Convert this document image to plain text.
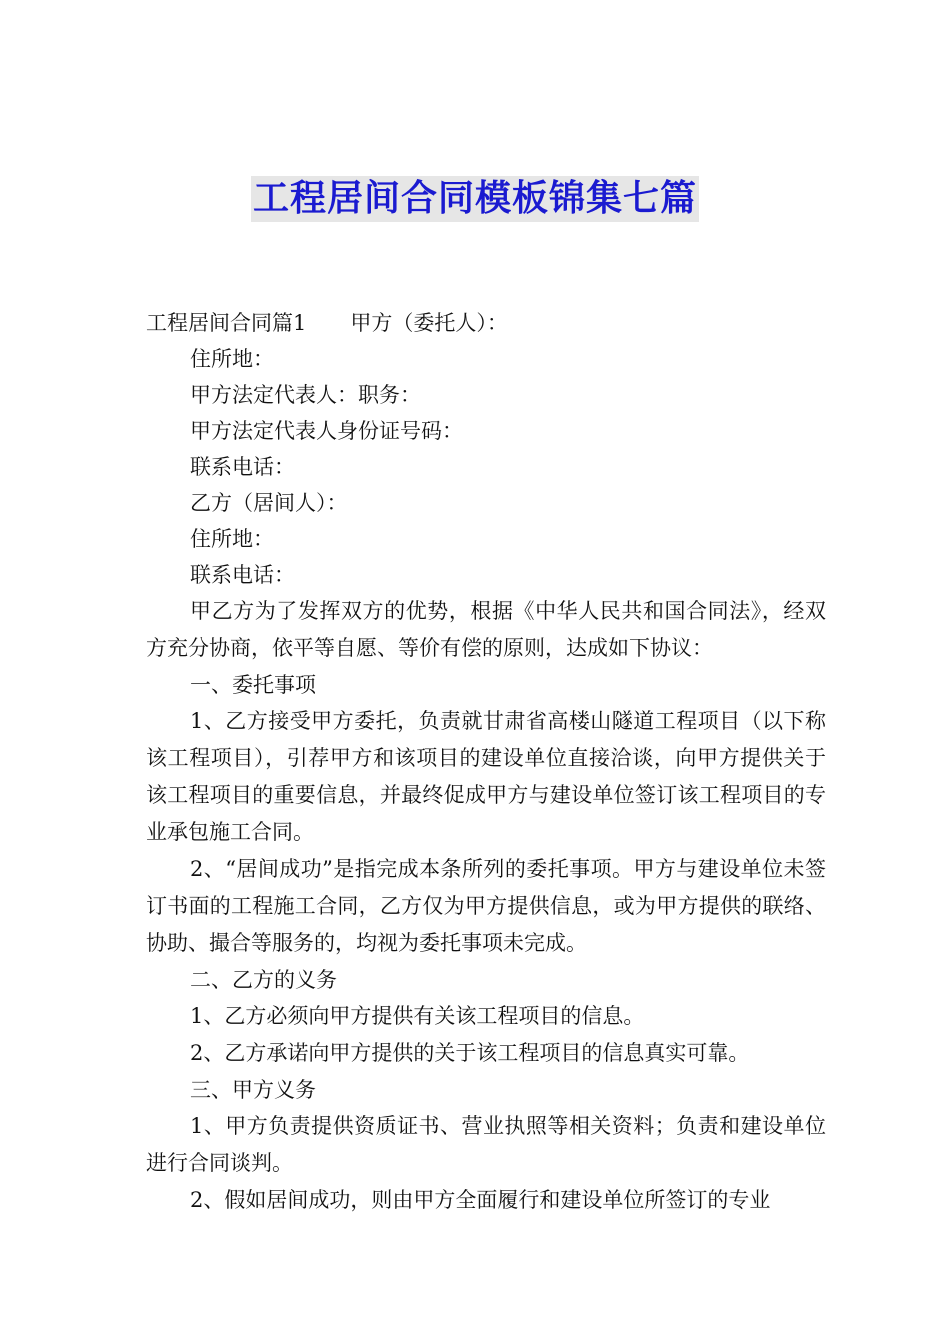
工程居间合同模板锦集七篇

工程居间合同篇1 甲方（委托人）：

住所地：

甲方法定代表人：职务：

甲方法定代表人身份证号码：

联系电话：

乙方（居间人）：

住所地：

联系电话：

甲乙方为了发挥双方的优势，根据《中华人民共和国合同法》，经双方充分协商，依平等自愿、等价有偿的原则，达成如下协议：

一、委托事项

1、乙方接受甲方委托，负责就甘肃省高楼山隧道工程项目（以下称该工程项目），引荐甲方和该项目的建设单位直接洽谈，向甲方提供关于该工程项目的重要信息，并最终促成甲方与建设单位签订该工程项目的专业承包施工合同。

2、“居间成功”是指完成本条所列的委托事项。甲方与建设单位未签订书面的工程施工合同，乙方仅为甲方提供信息，或为甲方提供的联络、协助、撮合等服务的，均视为委托事项未完成。

二、乙方的义务

1、乙方必须向甲方提供有关该工程项目的信息。

2、乙方承诺向甲方提供的关于该工程项目的信息真实可靠。

三、甲方义务

1、甲方负责提供资质证书、营业执照等相关资料；负责和建设单位进行合同谈判。

2、假如居间成功，则由甲方全面履行和建设单位所签订的专业
